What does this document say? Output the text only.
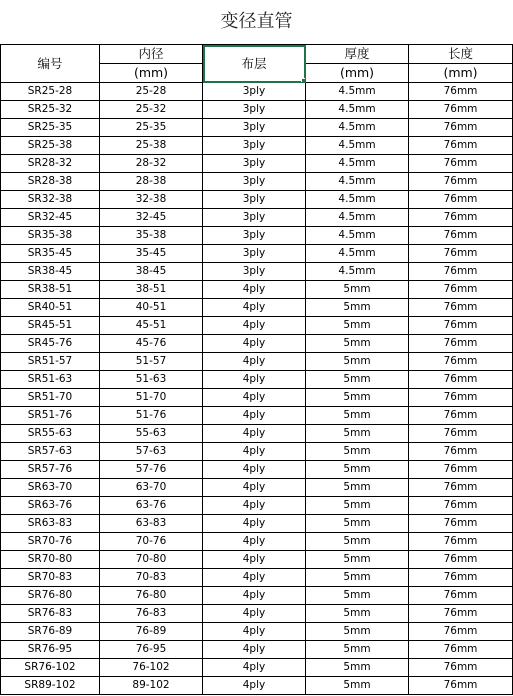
变径直管
编号	内径	布层	厚度	长度
	(mm)		(mm)	(mm)
SR25-28	25-28	3ply	4.5mm	76mm
SR25-32	25-32	3ply	4.5mm	76mm
SR25-35	25-35	3ply	4.5mm	76mm
SR25-38	25-38	3ply	4.5mm	76mm
SR28-32	28-32	3ply	4.5mm	76mm
SR28-38	28-38	3ply	4.5mm	76mm
SR32-38	32-38	3ply	4.5mm	76mm
SR32-45	32-45	3ply	4.5mm	76mm
SR35-38	35-38	3ply	4.5mm	76mm
SR35-45	35-45	3ply	4.5mm	76mm
SR38-45	38-45	3ply	4.5mm	76mm
SR38-51	38-51	4ply	5mm	76mm
SR40-51	40-51	4ply	5mm	76mm
SR45-51	45-51	4ply	5mm	76mm
SR45-76	45-76	4ply	5mm	76mm
SR51-57	51-57	4ply	5mm	76mm
SR51-63	51-63	4ply	5mm	76mm
SR51-70	51-70	4ply	5mm	76mm
SR51-76	51-76	4ply	5mm	76mm
SR55-63	55-63	4ply	5mm	76mm
SR57-63	57-63	4ply	5mm	76mm
SR57-76	57-76	4ply	5mm	76mm
SR63-70	63-70	4ply	5mm	76mm
SR63-76	63-76	4ply	5mm	76mm
SR63-83	63-83	4ply	5mm	76mm
SR70-76	70-76	4ply	5mm	76mm
SR70-80	70-80	4ply	5mm	76mm
SR70-83	70-83	4ply	5mm	76mm
SR76-80	76-80	4ply	5mm	76mm
SR76-83	76-83	4ply	5mm	76mm
SR76-89	76-89	4ply	5mm	76mm
SR76-95	76-95	4ply	5mm	76mm
SR76-102	76-102	4ply	5mm	76mm
SR89-102	89-102	4ply	5mm	76mm
